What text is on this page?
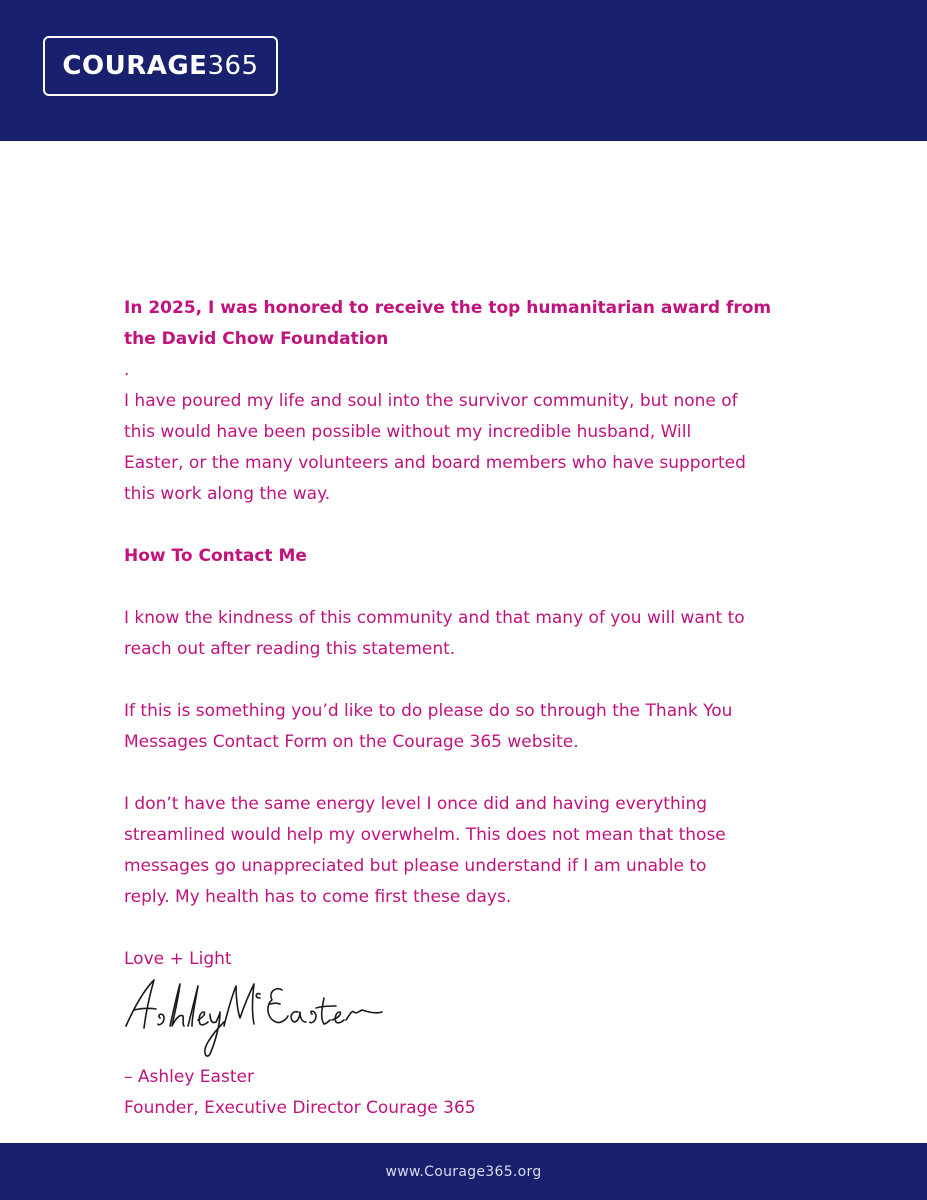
COURAGE 365

In 2025, I was honored to receive the top humanitarian award from

the David Chow Foundation

.

I have poured my life and soul into the survivor community, but none of

this would have been possible without my incredible husband, Will

Easter, or the many volunteers and board members who have supported

this work along the way.

How To Contact Me

I know the kindness of this community and that many of you will want to

reach out after reading this statement.

If this is something you’d like to do please do so through the Thank You

Messages Contact Form on the Courage 365 website.

I don’t have the same energy level I once did and having everything

streamlined would help my overwhelm. This does not mean that those

messages go unappreciated but please understand if I am unable to

reply. My health has to come first these days.

Love + Light

– Ashley Easter

Founder, Executive Director Courage 365

www.Courage365.org
